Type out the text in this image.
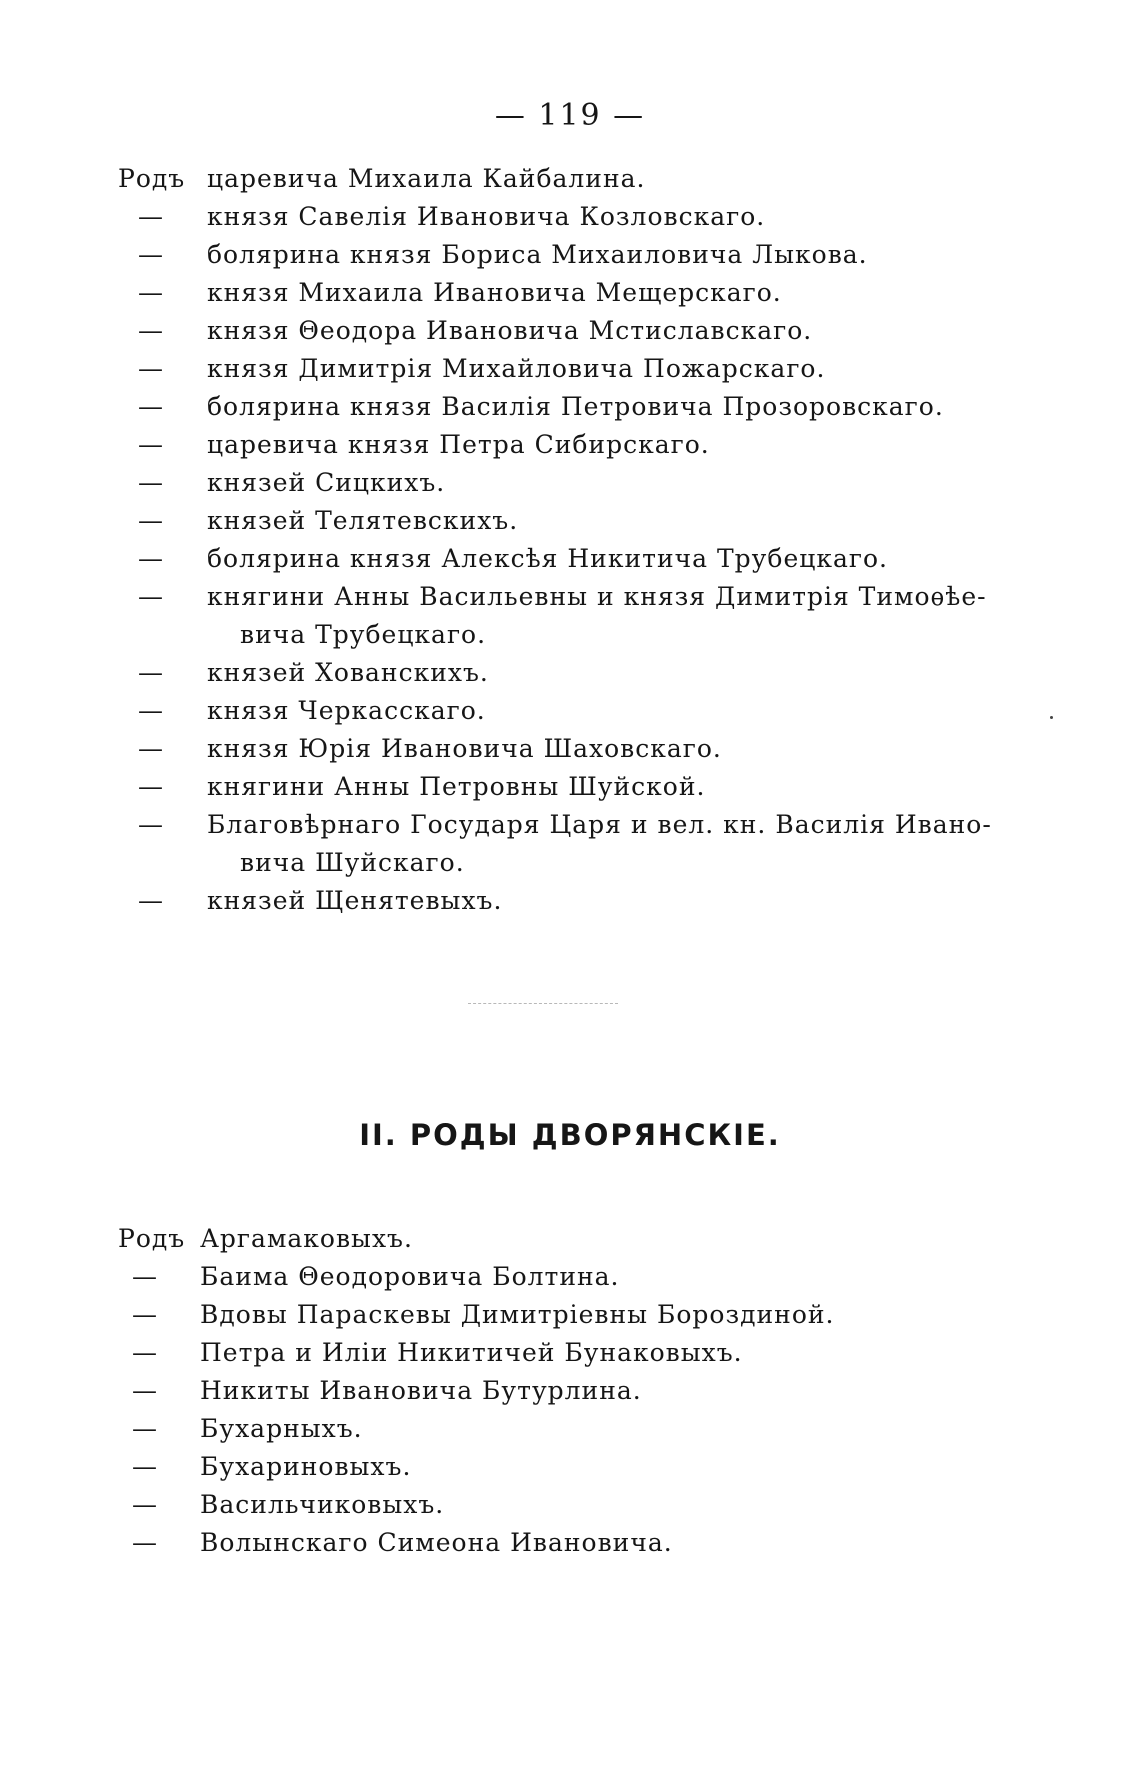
— 119 —
Родъ царевича Михаила Кайбалина.
—	князя Савелія Ивановича Козловскаго.
—	болярина князя Бориса Михаиловича Лыкова.
—	князя Михаила Ивановича Мещерскаго.
—	князя Θеодора Ивановича Мстиславскаго.
—	князя Димитрія Михайловича Пожарскаго.
—	болярина князя Василія Петровича Прозоровскаго.
—	царевича князя Петра Сибирскаго.
—	князей Сицкихъ.
—	князей Телятевскихъ.
—	болярина князя Алексѣя Никитича Трубецкаго.
—	княгини Анны Васильевны и князя Димитрія Тимоѳѣе-
вича Трубецкаго.
—	князей Хованскихъ.
—	князя Черкасскаго.
—	князя Юрія Ивановича Шаховскаго.
—	княгини Анны Петровны Шуйской.
—	Благовѣрнаго Государя Царя и вел. кн. Василія Ивано-
вича Шуйскаго.
—	князей Щенятевыхъ.
II. РОДЫ ДВОРЯНСКІЕ.
Родъ Аргамаковыхъ.
—	Баима Θеодоровича Болтина.
—	Вдовы Параскевы Димитріевны Бороздиной.
—	Петра и Иліи Никитичей Бунаковыхъ.
—	Никиты Ивановича Бутурлина.
—	Бухарныхъ.
—	Бухариновыхъ.
—	Васильчиковыхъ.
—	Волынскаго Симеона Ивановича.
